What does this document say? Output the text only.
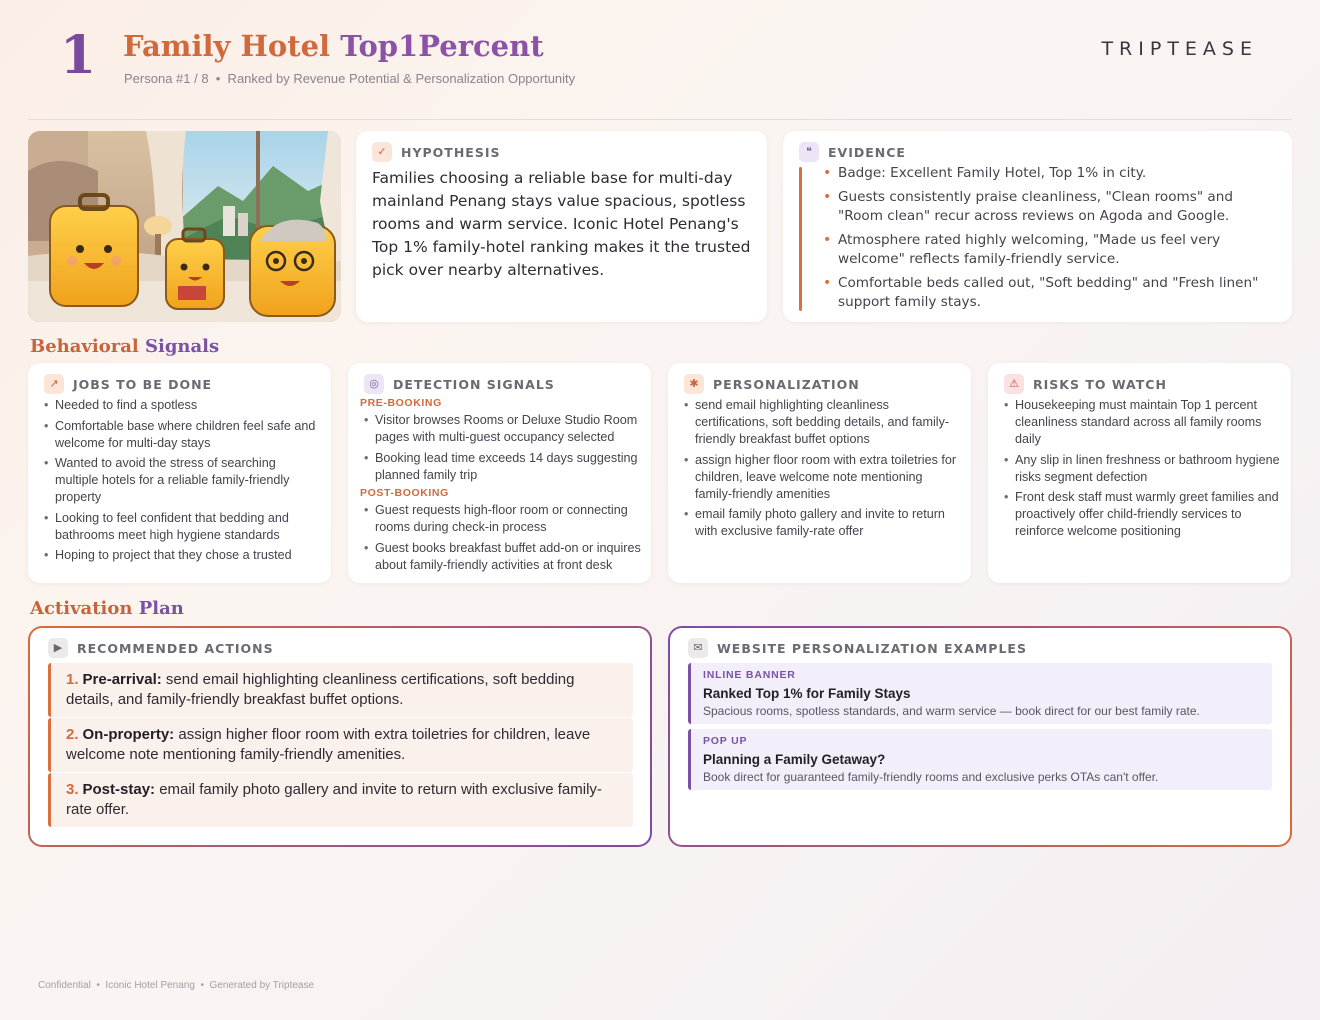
1 Family Hotel Top1Percent
Persona #1 / 8  •  Ranked by Revenue Potential & Personalization Opportunity
TRIPTEASE
✓	HYPOTHESIS
Families choosing a reliable base for multi-day mainland Penang stays value spacious, spotless rooms and warm service. Iconic Hotel Penang's Top 1% family-hotel ranking makes it the trusted pick over nearby alternatives.
❝	EVIDENCE
• Badge: Excellent Family Hotel, Top 1% in city.
• Guests consistently praise cleanliness, "Clean rooms" and "Room clean" recur across reviews on Agoda and Google.
• Atmosphere rated highly welcoming, "Made us feel very welcome" reflects family-friendly service.
• Comfortable beds called out, "Soft bedding" and "Fresh linen" support family stays.
Behavioral Signals
↗	JOBS TO BE DONE
• Needed to find a spotless
• Comfortable base where children feel safe and welcome for multi-day stays
• Wanted to avoid the stress of searching multiple hotels for a reliable family-friendly property
• Looking to feel confident that bedding and bathrooms meet high hygiene standards
• Hoping to project that they chose a trusted
◎	DETECTION SIGNALS
PRE-BOOKING
• Visitor browses Rooms or Deluxe Studio Room pages with multi-guest occupancy selected
• Booking lead time exceeds 14 days suggesting planned family trip
POST-BOOKING
• Guest requests high-floor room or connecting rooms during check-in process
• Guest books breakfast buffet add-on or inquires about family-friendly activities at front desk
✱	PERSONALIZATION
• send email highlighting cleanliness certifications, soft bedding details, and family-friendly breakfast buffet options
• assign higher floor room with extra toiletries for children, leave welcome note mentioning family-friendly amenities
• email family photo gallery and invite to return with exclusive family-rate offer
⚠	RISKS TO WATCH
• Housekeeping must maintain Top 1 percent cleanliness standard across all family rooms daily
• Any slip in linen freshness or bathroom hygiene risks segment defection
• Front desk staff must warmly greet families and proactively offer child-friendly services to reinforce welcome positioning
Activation Plan
▶	RECOMMENDED ACTIONS
1. Pre-arrival: send email highlighting cleanliness certifications, soft bedding details, and family-friendly breakfast buffet options.
2. On-property: assign higher floor room with extra toiletries for children, leave welcome note mentioning family-friendly amenities.
3. Post-stay: email family photo gallery and invite to return with exclusive family-rate offer.
✉	WEBSITE PERSONALIZATION EXAMPLES
INLINE BANNER
Ranked Top 1% for Family Stays
Spacious rooms, spotless standards, and warm service — book direct for our best family rate.
POP UP
Planning a Family Getaway?
Book direct for guaranteed family-friendly rooms and exclusive perks OTAs can't offer.
Confidential  •  Iconic Hotel Penang  •  Generated by Triptease
